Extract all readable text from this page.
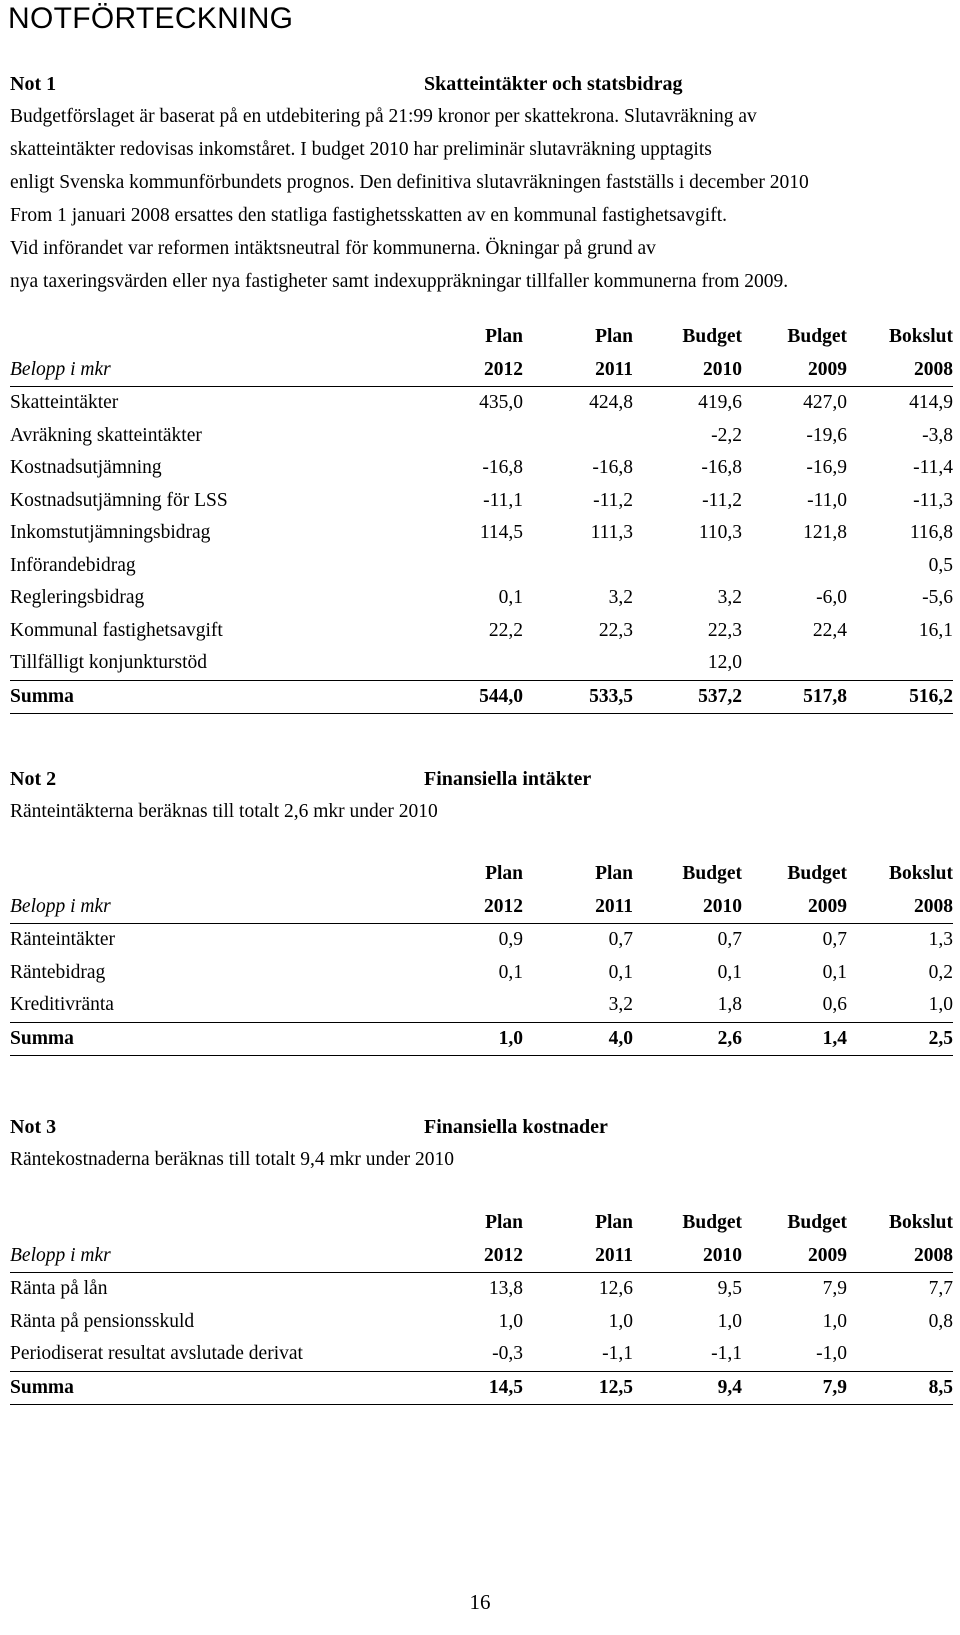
NOTFÖRTECKNING
Not 1	Skatteintäkter och statsbidrag
Budgetförslaget är baserat på en utdebitering på 21:99 kronor per skattekrona. Slutavräkning av
skatteintäkter redovisas inkomståret. I budget 2010 har preliminär slutavräkning upptagits
enligt Svenska kommunförbundets prognos. Den definitiva slutavräkningen fastställs i december 2010
From 1 januari 2008 ersattes den statliga fastighetsskatten av en kommunal fastighetsavgift.
Vid införandet var reformen intäktsneutral för kommunerna. Ökningar på grund av
nya taxeringsvärden eller nya fastigheter samt indexuppräkningar tillfaller kommunerna from 2009.
	Plan	Plan	Budget	Budget	Bokslut
Belopp i mkr	2012	2011	2010	2009	2008
Skatteintäkter	435,0	424,8	419,6	427,0	414,9
Avräkning skatteintäkter			-2,2	-19,6	-3,8
Kostnadsutjämning	-16,8	-16,8	-16,8	-16,9	-11,4
Kostnadsutjämning för LSS	-11,1	-11,2	-11,2	-11,0	-11,3
Inkomstutjämningsbidrag	114,5	111,3	110,3	121,8	116,8
Införandebidrag					0,5
Regleringsbidrag	0,1	3,2	3,2	-6,0	-5,6
Kommunal fastighetsavgift	22,2	22,3	22,3	22,4	16,1
Tillfälligt konjunkturstöd			12,0		
Summa	544,0	533,5	537,2	517,8	516,2
Not 2	Finansiella intäkter
Ränteintäkterna beräknas till totalt 2,6 mkr under 2010
	Plan	Plan	Budget	Budget	Bokslut
Belopp i mkr	2012	2011	2010	2009	2008
Ränteintäkter	0,9	0,7	0,7	0,7	1,3
Räntebidrag	0,1	0,1	0,1	0,1	0,2
Kreditivränta		3,2	1,8	0,6	1,0
Summa	1,0	4,0	2,6	1,4	2,5
Not 3	Finansiella kostnader
Räntekostnaderna beräknas till totalt 9,4 mkr under 2010
	Plan	Plan	Budget	Budget	Bokslut
Belopp i mkr	2012	2011	2010	2009	2008
Ränta på lån	13,8	12,6	9,5	7,9	7,7
Ränta på pensionsskuld	1,0	1,0	1,0	1,0	0,8
Periodiserat resultat avslutade derivat	-0,3	-1,1	-1,1	-1,0	
Summa	14,5	12,5	9,4	7,9	8,5
16
